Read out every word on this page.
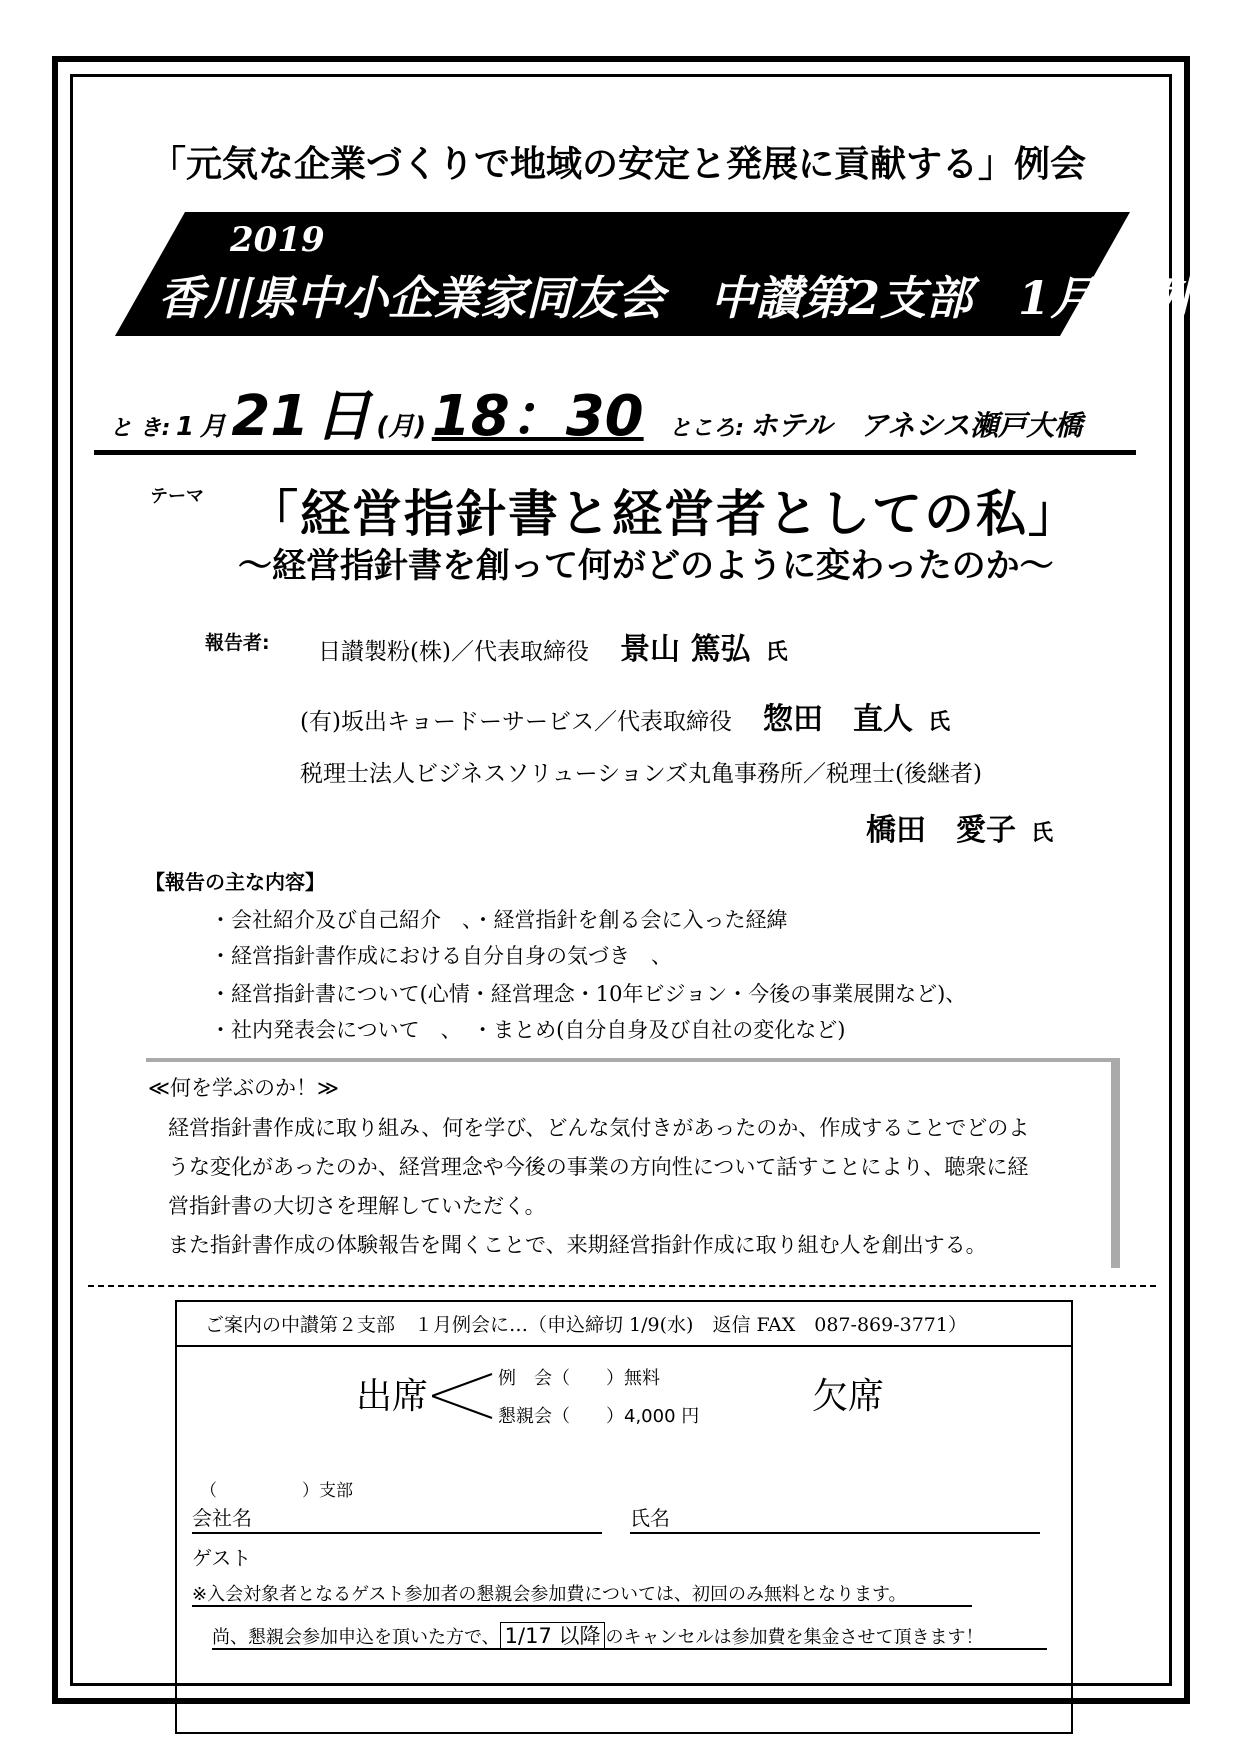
「元気な企業づくりで地域の安定と発展に貢献する」例会
2019
香川県中小企業家同友会　中讃第2支部　1月度例会
と き: 1 月 21 日 (月) 18：30 ところ: ホテル　アネシス瀬戸大橋
テーマ 「経営指針書と経営者としての私」
～経営指針書を創って何がどのように変わったのか～
報告者: 日讃製粉(株)／代表取締役 景山 篤弘 氏
(有)坂出キョードーサービス／代表取締役 惣田　直人 氏
税理士法人ビジネスソリューションズ丸亀事務所／税理士(後継者)
橋田　愛子 氏
【報告の主な内容】
・会社紹介及び自己紹介　、・経営指針を創る会に入った経緯
・経営指針書作成における自分自身の気づき　、
・経営指針書について(心情・経営理念・10年ビジョン・今後の事業展開など)、
・社内発表会について　、　・まとめ(自分自身及び自社の変化など)
≪何を学ぶのか！≫
経営指針書作成に取り組み、何を学び、どんな気付きがあったのか、作成することでどのよ
うな変化があったのか、経営理念や今後の事業の方向性について話すことにより、聴衆に経
営指針書の大切さを理解していただく。
また指針書作成の体験報告を聞くことで、来期経営指針作成に取り組む人を創出する。
ご案内の中讃第２支部　１月例会に…（申込締切 1/9(水)　返信 FAX　087-869-3771）
出席	例　会（　　）無料
懇親会（　　）4,000 円	欠席
（　　　　　）支部
会社名	氏名
ゲスト
※入会対象者となるゲスト参加者の懇親会参加費については、初回のみ無料となります。
尚、懇親会参加申込を頂いた方で、 1/17 以降 のキャンセルは参加費を集金させて頂きます！
